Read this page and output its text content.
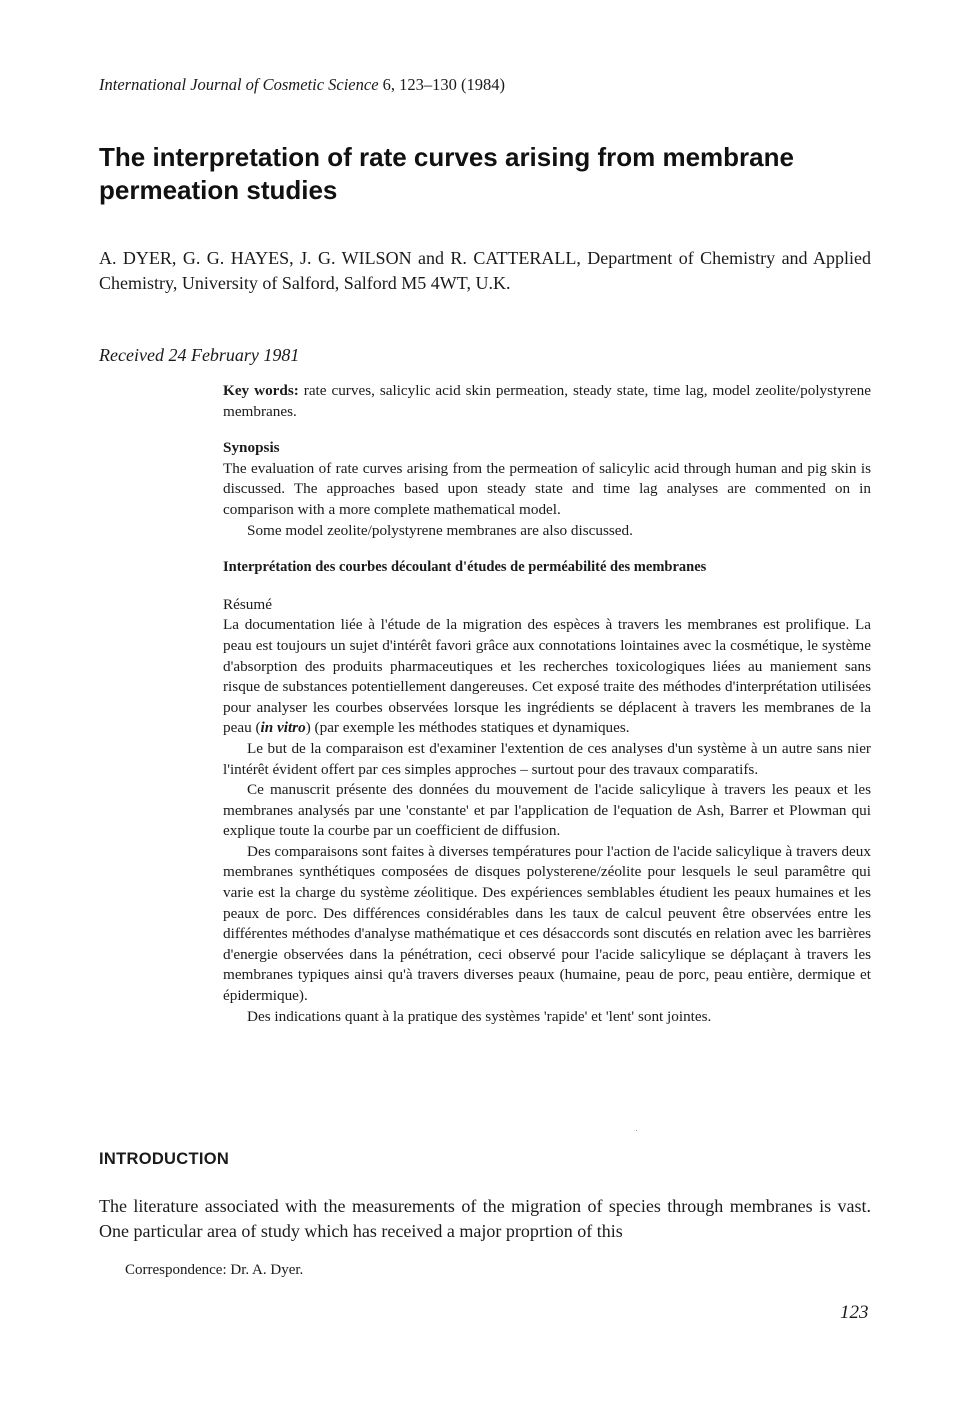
International Journal of Cosmetic Science 6, 123–130 (1984)
The interpretation of rate curves arising from membrane permeation studies

A. DYER, G. G. HAYES, J. G. WILSON and R. CATTERALL, Department of Chemistry and Applied Chemistry, University of Salford, Salford M5 4WT, U.K.

Received 24 February 1981

Key words: rate curves, salicylic acid skin permeation, steady state, time lag, model zeolite/polystyrene membranes.

Synopsis

The evaluation of rate curves arising from the permeation of salicylic acid through human and pig skin is discussed. The approaches based upon steady state and time lag analyses are commented on in comparison with a more complete mathematical model.

Some model zeolite/polystyrene membranes are also discussed.

Interprétation des courbes découlant d'études de perméabilité des membranes

Résumé

La documentation liée à l'étude de la migration des espèces à travers les membranes est prolifique. La peau est toujours un sujet d'intérêt favori grâce aux connotations lointaines avec la cosmétique, le système d'absorption des produits pharmaceutiques et les recherches toxicologiques liées au maniement sans risque de substances potentiellement dangereuses. Cet exposé traite des méthodes d'interprétation utilisées pour analyser les courbes observées lorsque les ingrédients se déplacent à travers les membranes de la peau (in vitro) (par exemple les méthodes statiques et dynamiques.

Le but de la comparaison est d'examiner l'extention de ces analyses d'un système à un autre sans nier l'intérêt évident offert par ces simples approches – surtout pour des travaux comparatifs.

Ce manuscrit présente des données du mouvement de l'acide salicylique à travers les peaux et les membranes analysés par une 'constante' et par l'application de l'equation de Ash, Barrer et Plowman qui explique toute la courbe par un coefficient de diffusion.

Des comparaisons sont faites à diverses températures pour l'action de l'acide salicylique à travers deux membranes synthétiques composées de disques polysterene/zéolite pour lesquels le seul paramêtre qui varie est la charge du système zéolitique. Des expériences semblables étudient les peaux humaines et les peaux de porc. Des différences considérables dans les taux de calcul peuvent être observées entre les différentes méthodes d'analyse mathématique et ces désaccords sont discutés en relation avec les barrières d'energie observées dans la pénétration, ceci observé pour l'acide salicylique se déplaçant à travers les membranes typiques ainsi qu'à travers diverses peaux (humaine, peau de porc, peau entière, dermique et épidermique).

Des indications quant à la pratique des systèmes 'rapide' et 'lent' sont jointes.

INTRODUCTION

The literature associated with the measurements of the migration of species through membranes is vast. One particular area of study which has received a major proprtion of this

Correspondence: Dr. A. Dyer.
123
